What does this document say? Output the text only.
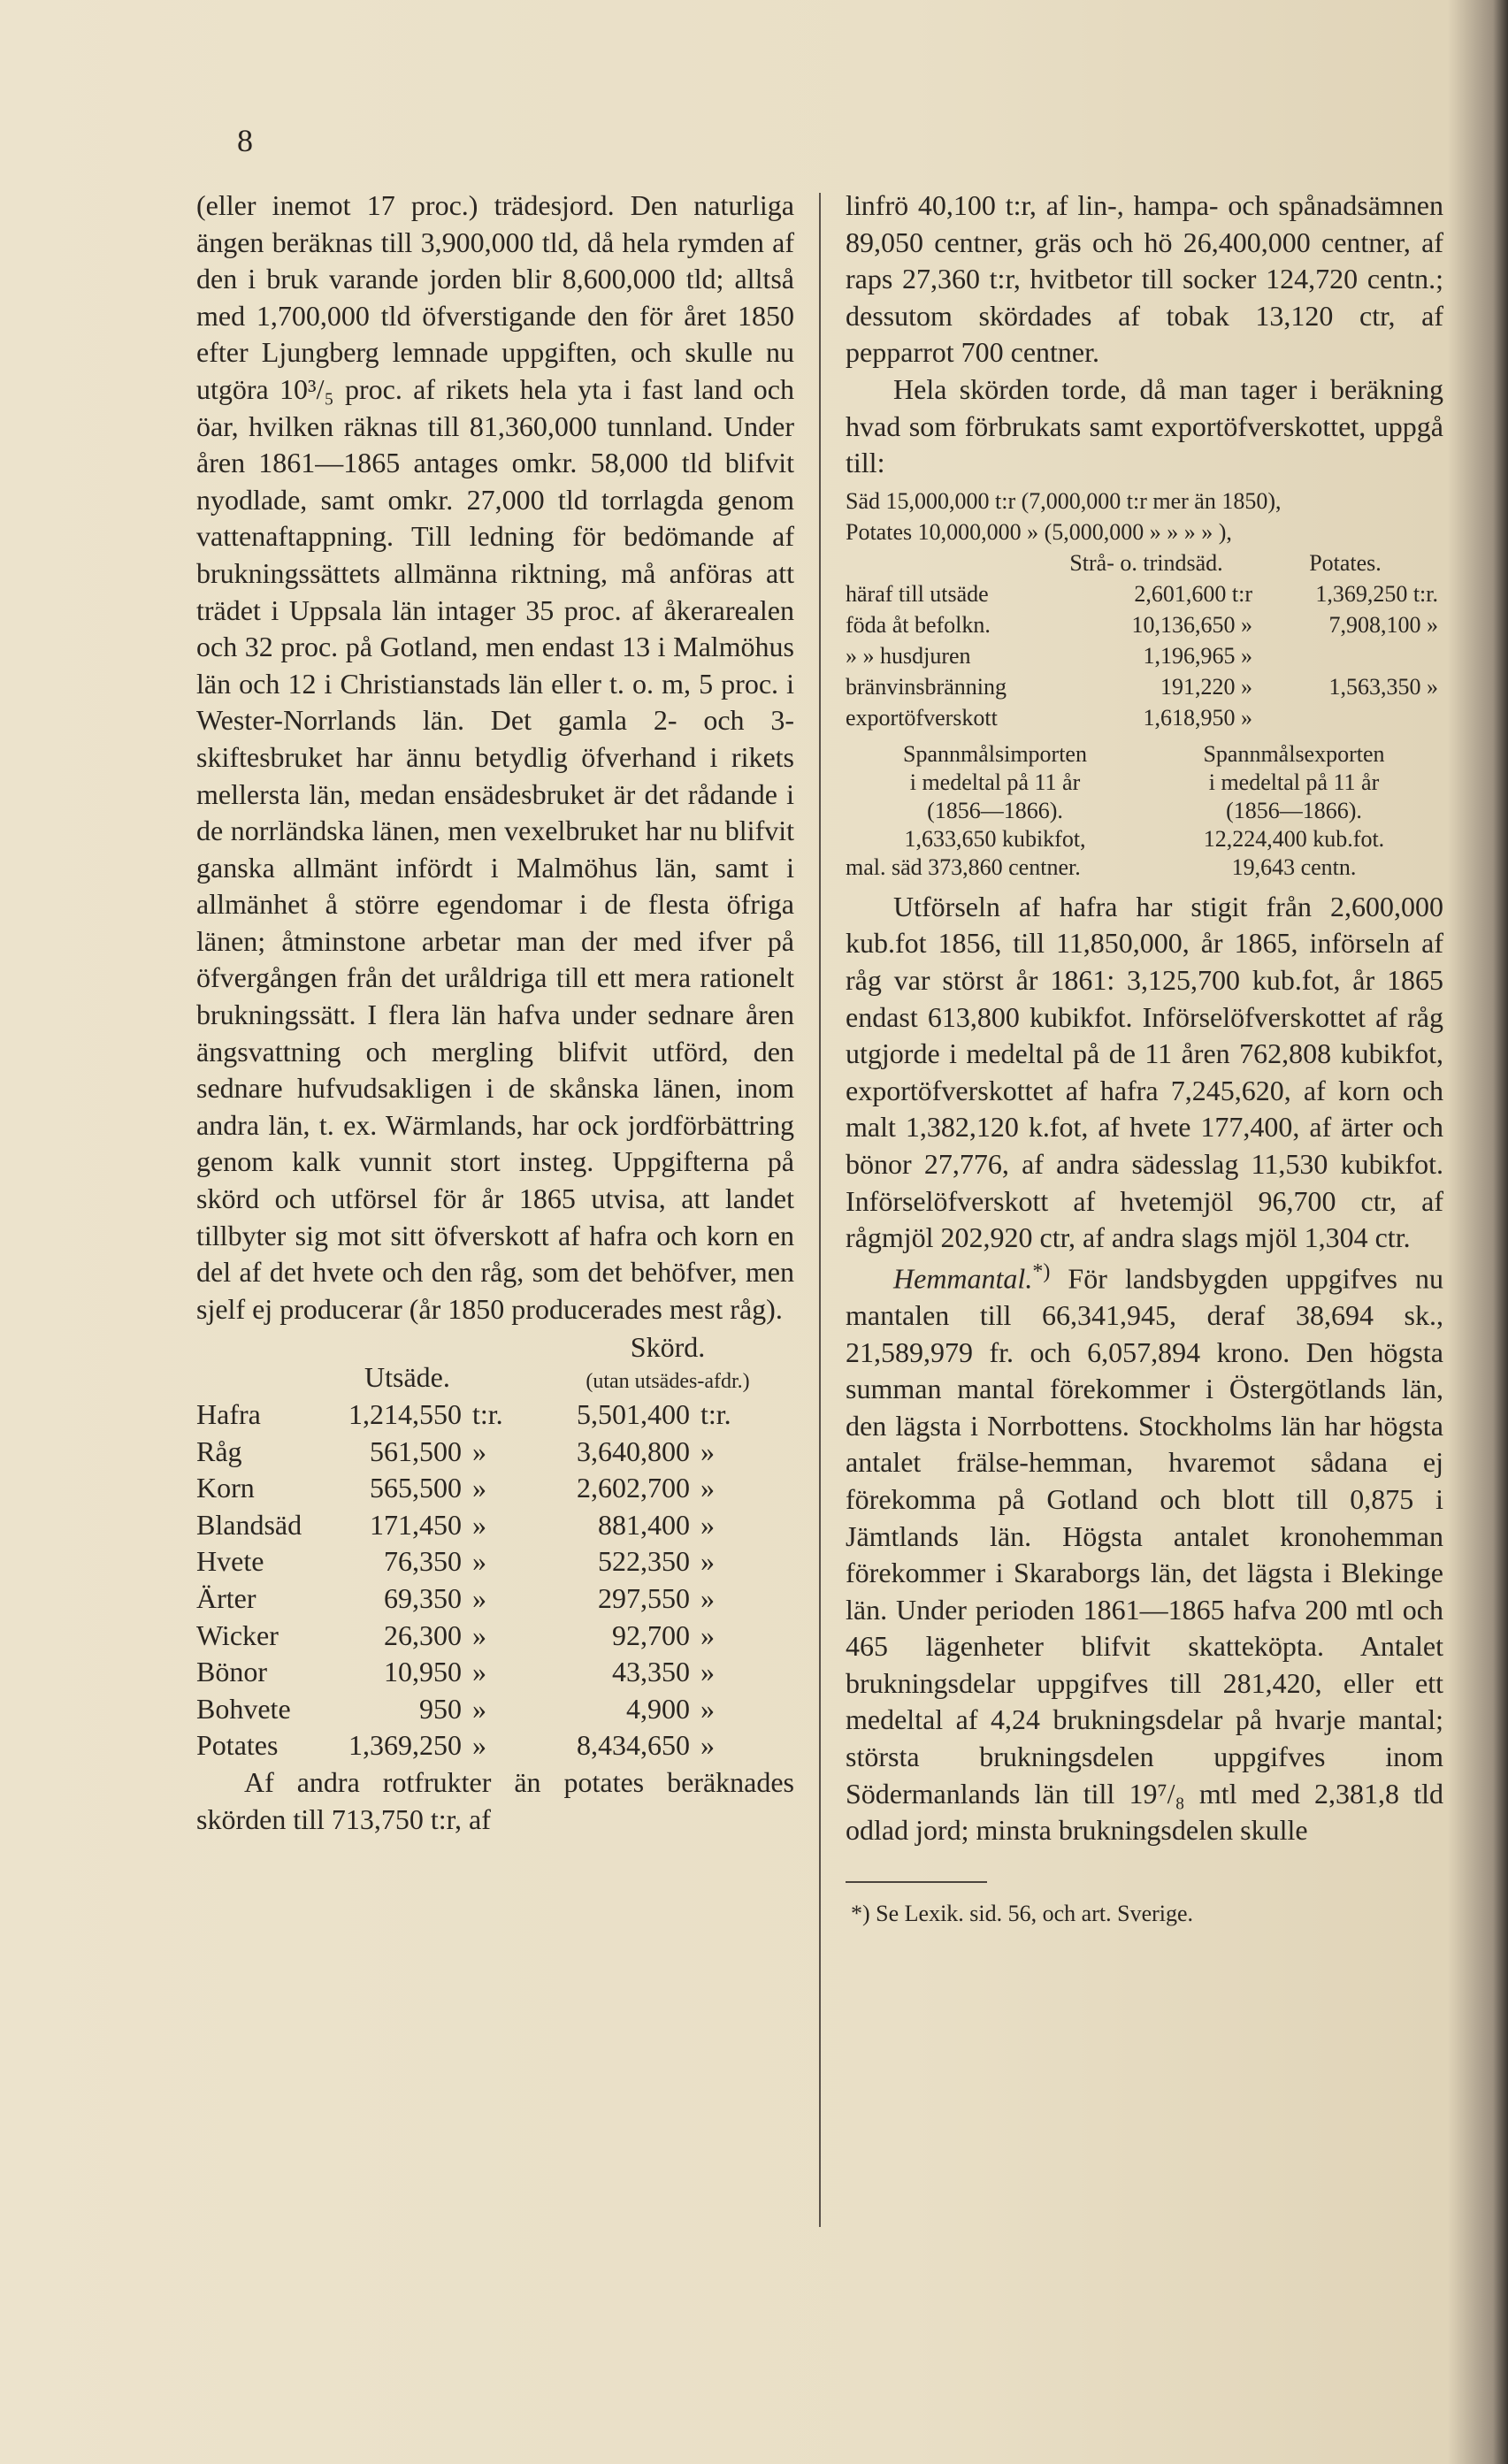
8

(eller inemot 17 proc.) trädesjord. Den naturliga ängen beräknas till 3,900,000 tld, då hela rymden af den i bruk varande jorden blir 8,600,000 tld; alltså med 1,700,000 tld öfverstigande den för året 1850 efter Ljungberg lemnade uppgiften, och skulle nu utgöra 10³/₅ proc. af rikets hela yta i fast land och öar, hvilken räknas till 81,360,000 tunnland. Under åren 1861—1865 antages omkr. 58,000 tld blifvit nyodlade, samt omkr. 27,000 tld torrlagda genom vattenaftappning. Till ledning för bedömande af brukningssättets allmänna riktning, må anföras att trädet i Uppsala län intager 35 proc. af åkerarealen och 32 proc. på Gotland, men endast 13 i Malmöhus län och 12 i Christianstads län eller t. o. m, 5 proc. i Wester-Norrlands län. Det gamla 2- och 3-skiftesbruket har ännu betydlig öfverhand i rikets mellersta län, medan ensädesbruket är det rådande i de norrländska länen, men vexelbruket har nu blifvit ganska allmänt infördt i Malmöhus län, samt i allmänhet å större egendomar i de flesta öfriga länen; åtminstone arbetar man der med ifver på öfvergången från det uråldriga till ett mera rationelt brukningssätt. I flera län hafva under sednare åren ängsvattning och mergling blifvit utförd, den sednare hufvudsakligen i de skånska länen, inom andra län, t. ex. Wärmlands, har ock jordförbättring genom kalk vunnit stort insteg. Uppgifterna på skörd och utförsel för år 1865 utvisa, att landet tillbyter sig mot sitt öfverskott af hafra och korn en del af det hvete och den råg, som det behöfver, men sjelf ej producerar (år 1850 producerades mest råg).

Utsäde.
Skörd.
(utan utsädes-afdr.)
Hafra	1,214,550	t:r.	5,501,400	t:r.
Råg	561,500	»	3,640,800	»
Korn	565,500	»	2,602,700	»
Blandsäd	171,450	»	881,400	»
Hvete	76,350	»	522,350	»
Ärter	69,350	»	297,550	»
Wicker	26,300	»	92,700	»
Bönor	10,950	»	43,350	»
Bohvete	950	»	4,900	»
Potates	1,369,250	»	8,434,650	»

Af andra rotfrukter än potates beräknades skörden till 713,750 t:r, af

linfrö 40,100 t:r, af lin-, hampa- och spånadsämnen 89,050 centner, gräs och hö 26,400,000 centner, af raps 27,360 t:r, hvitbetor till socker 124,720 centn.; dessutom skördades af tobak 13,120 ctr, af pepparrot 700 centner.

Hela skörden torde, då man tager i beräkning hvad som förbrukats samt exportöfverskottet, uppgå till:

Säd 15,000,000 t:r (7,000,000 t:r mer än 1850),
Potates 10,000,000 » (5,000,000 » » » » ),
Strå- o. trindsäd.	Potates.
häraf till utsäde	2,601,600 t:r	1,369,250 t:r.
föda åt befolkn.	10,136,650 »	7,908,100 »
» » husdjuren	1,196,965 »
bränvinsbränning	191,220 »	1,563,350 »
exportöfverskott	1,618,950 »
Spannmålsimporten	Spannmålsexporten
i medeltal på 11 år	i medeltal på 11 år
(1856—1866).	(1856—1866).
1,633,650 kubikfot,	12,224,400 kub.fot.
mal. säd 373,860 centner.	19,643 centn.

Utförseln af hafra har stigit från 2,600,000 kub.fot 1856, till 11,850,000, år 1865, införseln af råg var störst år 1861: 3,125,700 kub.fot, år 1865 endast 613,800 kubikfot. Införselöfverskottet af råg utgjorde i medeltal på de 11 åren 762,808 kubikfot, exportöfverskottet af hafra 7,245,620, af korn och malt 1,382,120 k.fot, af hvete 177,400, af ärter och bönor 27,776, af andra sädesslag 11,530 kubikfot. Införselöfverskott af hvetemjöl 96,700 ctr, af rågmjöl 202,920 ctr, af andra slags mjöl 1,304 ctr.

Hemmantal.*) För landsbygden uppgifves nu mantalen till 66,341,945, deraf 38,694 sk., 21,589,979 fr. och 6,057,894 krono. Den högsta summan mantal förekommer i Östergötlands län, den lägsta i Norrbottens. Stockholms län har högsta antalet frälse-hemman, hvaremot sådana ej förekomma på Gotland och blott till 0,875 i Jämtlands län. Högsta antalet kronohemman förekommer i Skaraborgs län, det lägsta i Blekinge län. Under perioden 1861—1865 hafva 200 mtl och 465 lägenheter blifvit skatteköpta. Antalet brukningsdelar uppgifves till 281,420, eller ett medeltal af 4,24 brukningsdelar på hvarje mantal; största brukningsdelen uppgifves inom Södermanlands län till 19⁷/₈ mtl med 2,381,8 tld odlad jord; minsta brukningsdelen skulle

*) Se Lexik. sid. 56, och art. Sverige.
